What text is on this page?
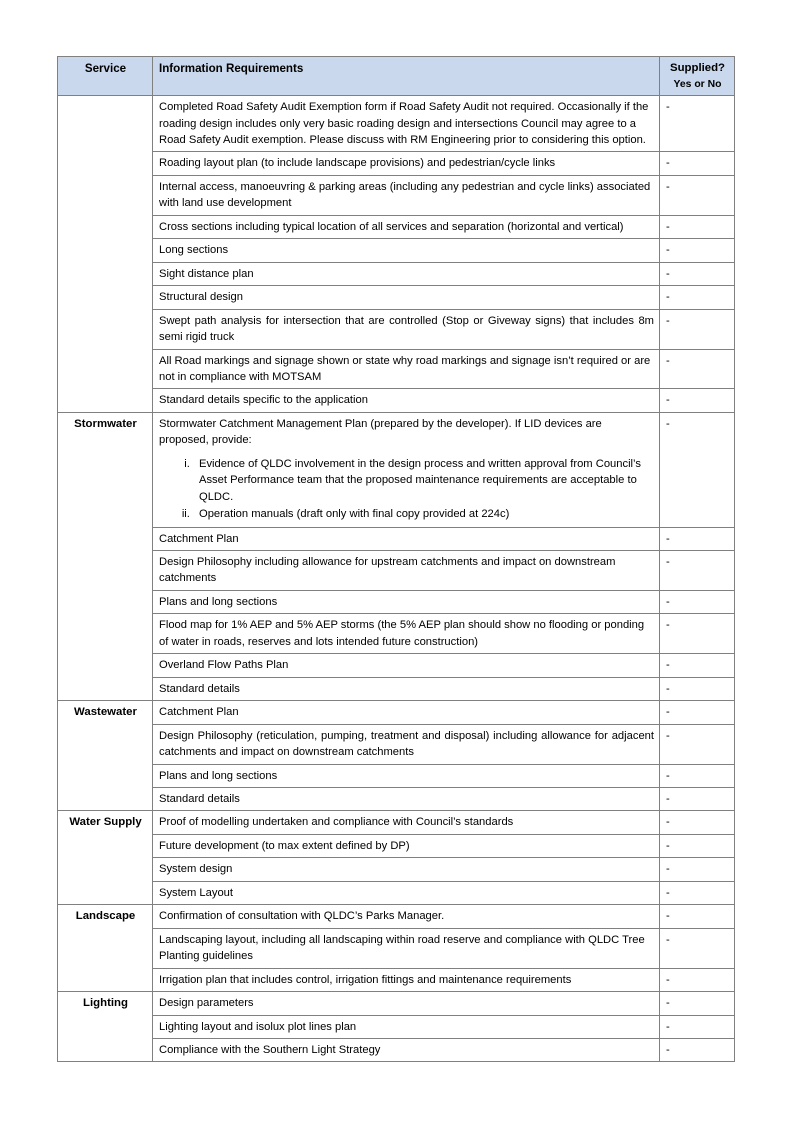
Service	Information Requirements	Supplied?
Yes or No

	Completed Road Safety Audit Exemption form if Road Safety Audit not required. Occasionally if the roading design includes only very basic roading design and intersections Council may agree to a Road Safety Audit exemption. Please discuss with RM Engineering prior to considering this option.	-

	Roading layout plan (to include landscape provisions) and pedestrian/cycle links	-

	Internal access, manoeuvring & parking areas (including any pedestrian and cycle links) associated with land use development	-

	Cross sections including typical location of all services and separation (horizontal and vertical)	-

	Long sections	-

	Sight distance plan	-

	Structural design	-

	Swept path analysis for intersection that are controlled (Stop or Giveway signs) that includes 8m semi rigid truck	-

	All Road markings and signage shown or state why road markings and signage isn’t required or are not in compliance with MOTSAM	-

	Standard details specific to the application	-
Stormwater	Stormwater Catchment Management Plan (prepared by the developer). If LID devices are proposed, provide:
i. Evidence of QLDC involvement in the design process and written approval from Council’s Asset Performance team that the proposed maintenance requirements are acceptable to QLDC.
ii. Operation manuals (draft only with final copy provided at 224c)
	-

	Catchment Plan	-

	Design Philosophy including allowance for upstream catchments and impact on downstream catchments	-

	Plans and long sections	-

	Flood map for 1% AEP and 5% AEP storms (the 5% AEP plan should show no flooding or ponding of water in roads, reserves and lots intended future construction)	-

	Overland Flow Paths Plan	-

	Standard details	-
Wastewater	Catchment Plan	-

	Design Philosophy (reticulation, pumping, treatment and disposal) including allowance for adjacent catchments and impact on downstream catchments	-

	Plans and long sections	-

	Standard details	-
Water Supply	Proof of modelling undertaken and compliance with Council’s standards	-

	Future development (to max extent defined by DP)	-

	System design	-

	System Layout	-
Landscape	Confirmation of consultation with QLDC’s Parks Manager.	-

	Landscaping layout, including all landscaping within road reserve and compliance with QLDC Tree Planting guidelines	-

	Irrigation plan that includes control, irrigation fittings and maintenance requirements	-
Lighting	Design parameters	-

	Lighting layout and isolux plot lines plan	-

	Compliance with the Southern Light Strategy	-
